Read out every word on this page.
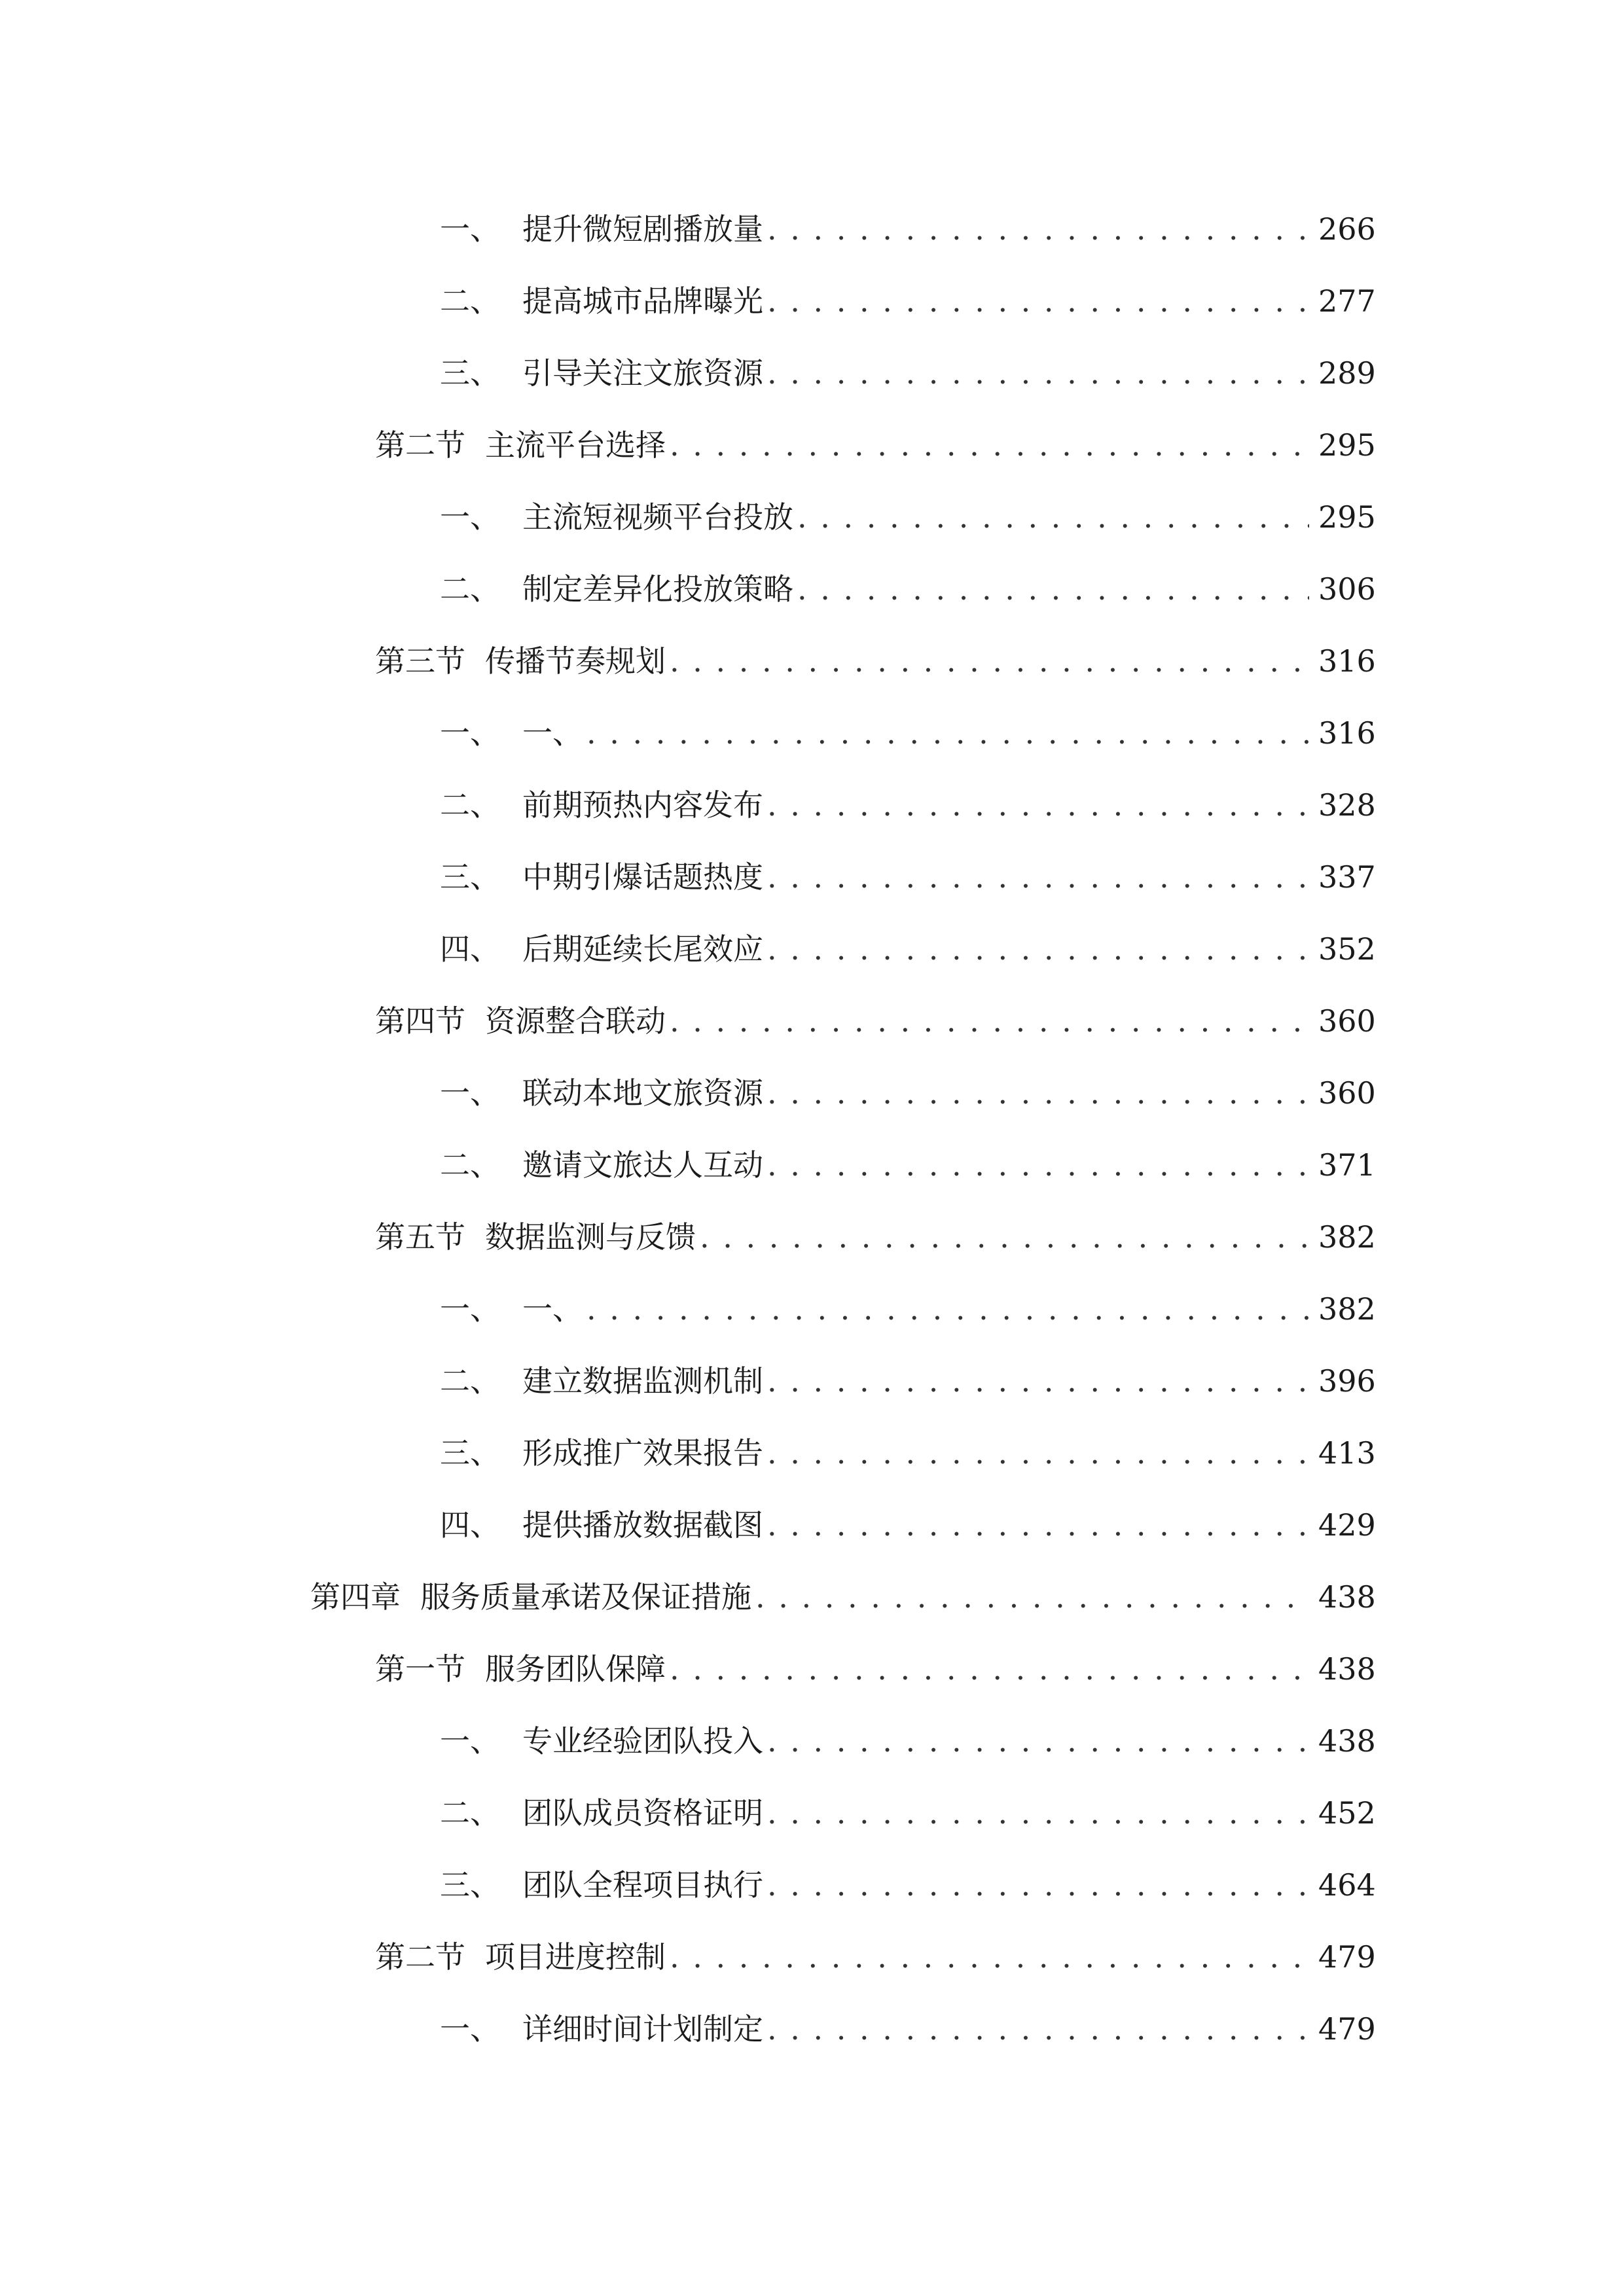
一、 提升微短剧播放量 . . .	266
二、 提高城市品牌曝光 . . .	277
三、 引导关注文旅资源 . . .	289
第二节 主流平台选择 . . .	295
一、 主流短视频平台投放 . . .	295
二、 制定差异化投放策略 . . .	306
第三节 传播节奏规划 . . .	316
一、 一、 . . .	316
二、 前期预热内容发布 . . .	328
三、 中期引爆话题热度 . . .	337
四、 后期延续长尾效应 . . .	352
第四节 资源整合联动 . . .	360
一、 联动本地文旅资源 . . .	360
二、 邀请文旅达人互动 . . .	371
第五节 数据监测与反馈 . . .	382
一、 一、 . . .	382
二、 建立数据监测机制 . . .	396
三、 形成推广效果报告 . . .	413
四、 提供播放数据截图 . . .	429
第四章 服务质量承诺及保证措施 . . .	438
第一节 服务团队保障 . . .	438
一、 专业经验团队投入 . . .	438
二、 团队成员资格证明 . . .	452
三、 团队全程项目执行 . . .	464
第二节 项目进度控制 . . .	479
一、 详细时间计划制定 . . .	479
